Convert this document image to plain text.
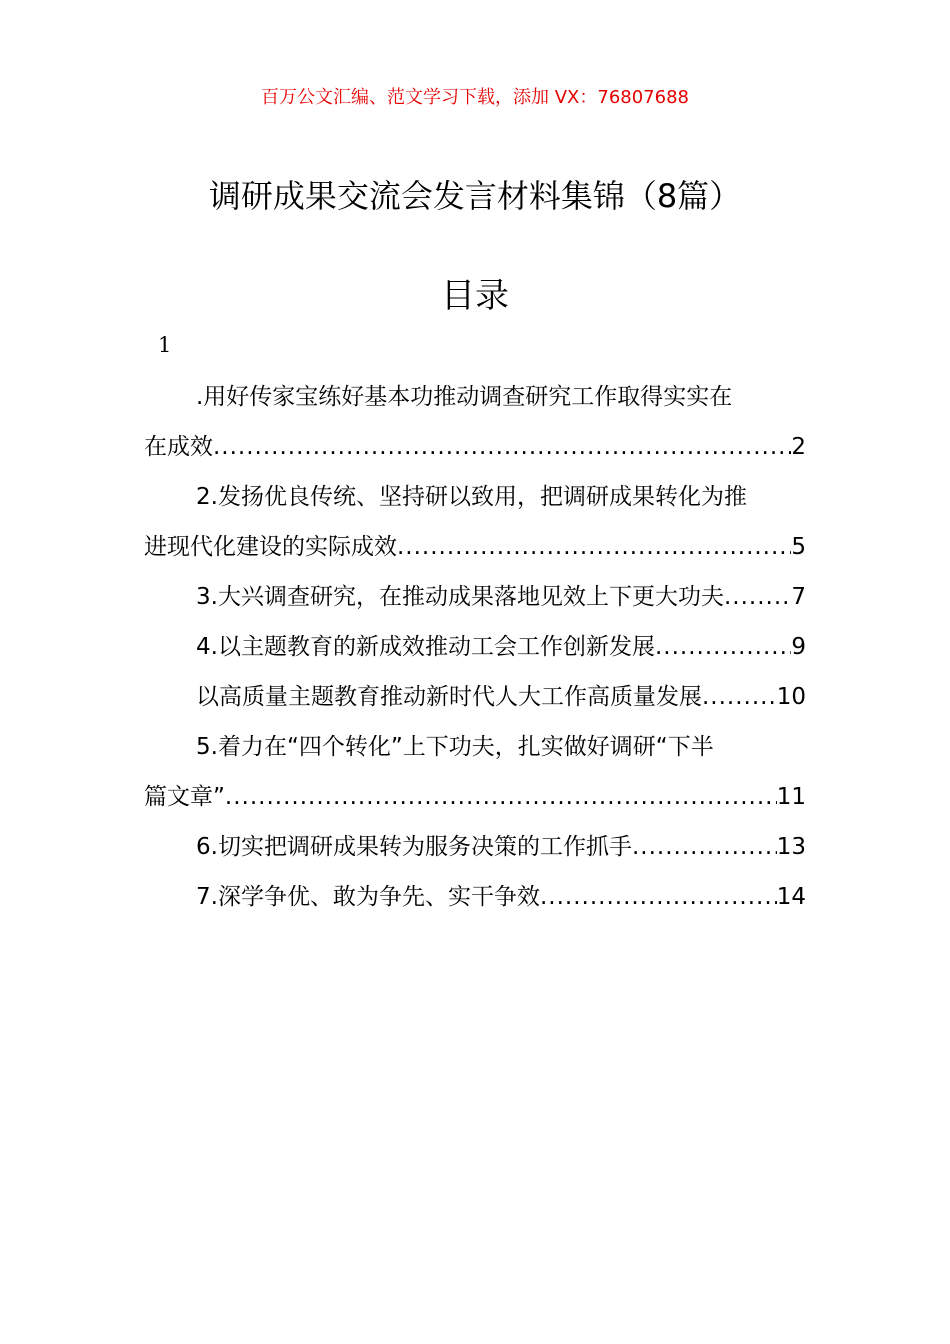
百万公文汇编、范文学习下载，添加 VX：76807688
调研成果交流会发言材料集锦（8篇）
目录
1
.用好传家宝练好基本功推动调查研究工作取得实实在
在成效 .....	2
2.发扬优良传统、坚持研以致用，把调研成果转化为推
进现代化建设的实际成效 .....	5
3.大兴调查研究，在推动成果落地见效上下更大功夫 .....	7
4.以主题教育的新成效推动工会工作创新发展 .....	9
以高质量主题教育推动新时代人大工作高质量发展 .....	10
5.着力在“四个转化”上下功夫，扎实做好调研“下半
篇文章” .....	11
6.切实把调研成果转为服务决策的工作抓手 .....	13
7.深学争优、敢为争先、实干争效 .....	14
